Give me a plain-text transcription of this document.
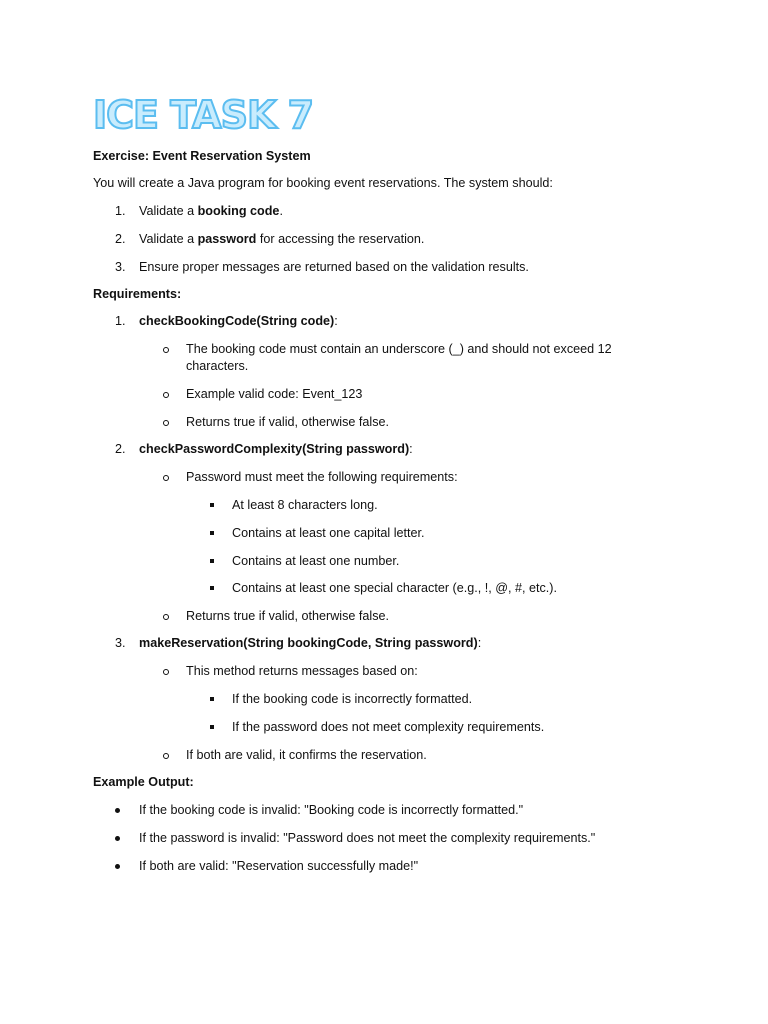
ICE TASK 7

Exercise: Event Reservation System

You will create a Java program for booking event reservations. The system should:

1. Validate a booking code.

2. Validate a password for accessing the reservation.

3. Ensure proper messages are returned based on the validation results.

Requirements:

1. checkBookingCode(String code):

The booking code must contain an underscore (_) and should not exceed 12
characters.

Example valid code: Event_123

Returns true if valid, otherwise false.

2. checkPasswordComplexity(String password):

Password must meet the following requirements:

At least 8 characters long.

Contains at least one capital letter.

Contains at least one number.

Contains at least one special character (e.g., !, @, #, etc.).

Returns true if valid, otherwise false.

3. makeReservation(String bookingCode, String password):

This method returns messages based on:

If the booking code is incorrectly formatted.

If the password does not meet complexity requirements.

If both are valid, it confirms the reservation.

Example Output:

If the booking code is invalid: "Booking code is incorrectly formatted."

If the password is invalid: "Password does not meet the complexity requirements."

If both are valid: "Reservation successfully made!"
